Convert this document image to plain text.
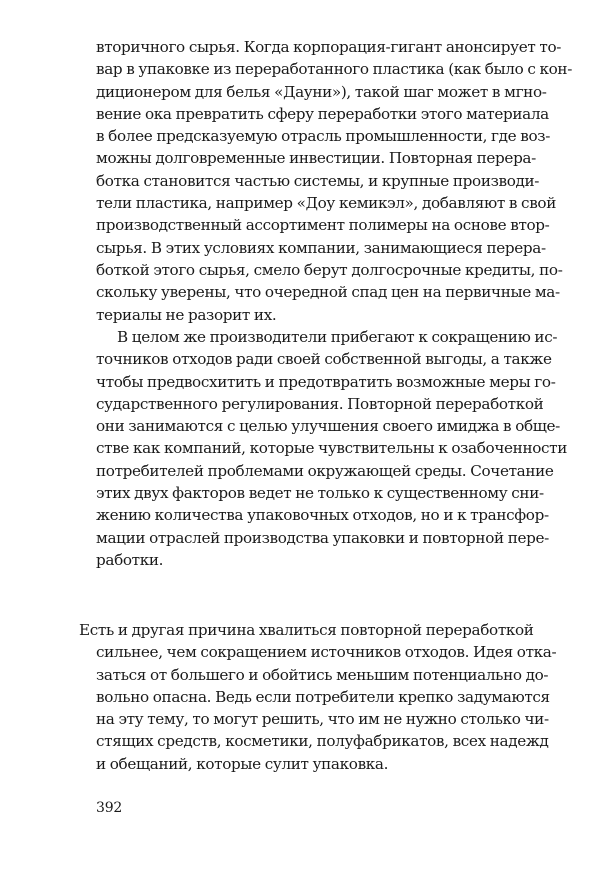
вторичного сырья. Когда корпорация-гигант анонсирует то-
вар в упаковке из переработанного пластика (как было с кон-
диционером для белья «Дауни»), такой шаг может в мгно-
вение ока превратить сферу переработки этого материала
в более предсказуемую отрасль промышленности, где воз-
можны долговременные инвестиции. Повторная перера-
ботка становится частью системы, и крупные производи-
тели пластика, например «Доу кемикэл», добавляют в свой
производственный ассортимент полимеры на основе втор-
сырья. В этих условиях компании, занимающиеся перера-
боткой этого сырья, смело берут долгосрочные кредиты, по-
скольку уверены, что очередной спад цен на первичные ма-
териалы не разорит их.
В целом же производители прибегают к сокращению ис-
точников отходов ради своей собственной выгоды, а также
чтобы предвосхитить и предотвратить возможные меры го-
сударственного регулирования. Повторной переработкой
они занимаются с целью улучшения своего имиджа в обще-
стве как компаний, которые чувствительны к озабоченности
потребителей проблемами окружающей среды. Сочетание
этих двух факторов ведет не только к существенному сни-
жению количества упаковочных отходов, но и к трансфор-
мации отраслей производства упаковки и повторной пере-
работки.
Есть и другая причина хвалиться повторной переработкой
сильнее, чем сокращением источников отходов. Идея отка-
заться от большего и обойтись меньшим потенциально до-
вольно опасна. Ведь если потребители крепко задумаются
на эту тему, то могут решить, что им не нужно столько чи-
стящих средств, косметики, полуфабрикатов, всех надежд
и обещаний, которые сулит упаковка.
392
